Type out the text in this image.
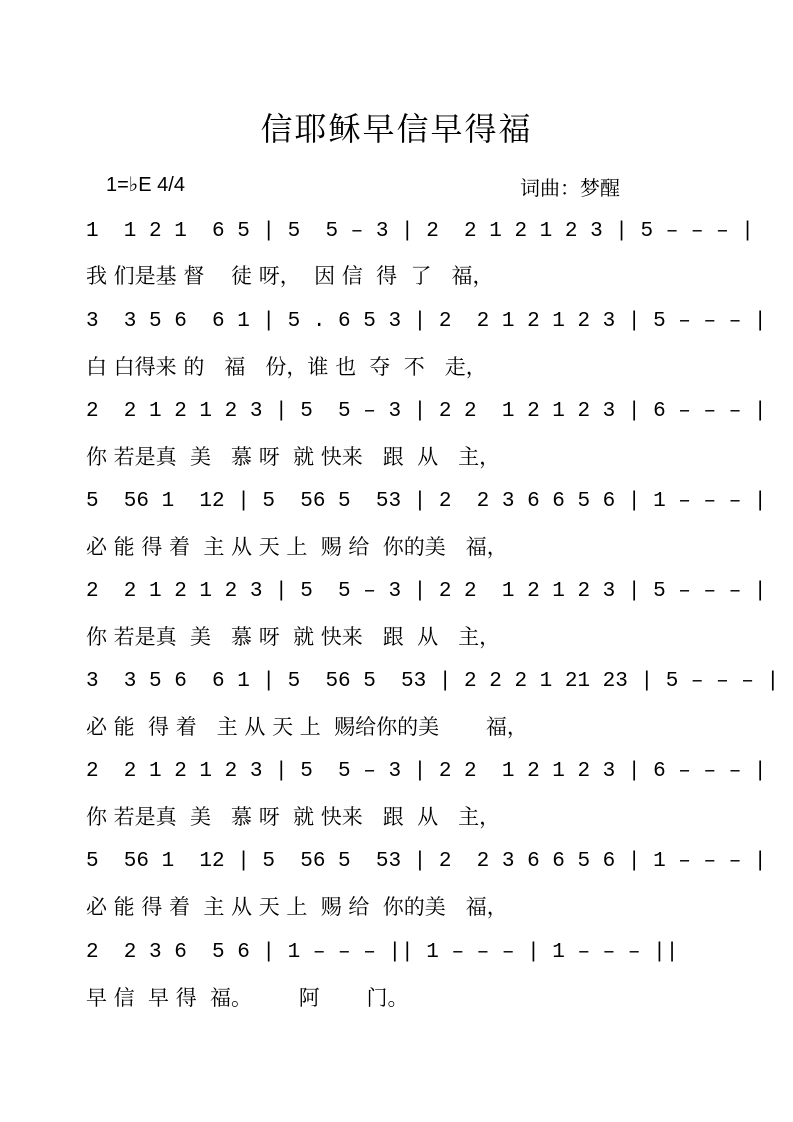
信耶稣早信早得福
1=♭E 4/4	词曲：梦醒
1  1 2 1  6 5 | 5  5 – 3 | 2  2 1 2 1 2 3 | 5 – – – |
我 们是基 督    徒 呀，  因 信  得  了   福，
3  3 5 6  6 1 | 5 . 6 5 3 | 2  2 1 2 1 2 3 | 5 – – – |
白 白得来 的   福   份，谁 也  夺  不   走，
2  2 1 2 1 2 3 | 5  5 – 3 | 2 2  1 2 1 2 3 | 6 – – – |
你 若是真  美   慕 呀  就 快来   跟  从   主，
5  56 1  12 | 5  56 5  53 | 2  2 3 6 6 5 6 | 1 – – – |
必 能 得 着  主 从 天 上  赐 给  你的美   福，
2  2 1 2 1 2 3 | 5  5 – 3 | 2 2  1 2 1 2 3 | 5 – – – |
你 若是真  美   慕 呀  就 快来   跟  从   主，
3  3 5 6  6 1 | 5  56 5  53 | 2 2 2 1 21 23 | 5 – – – |
必 能  得 着   主 从 天 上  赐给你的美       福，
2  2 1 2 1 2 3 | 5  5 – 3 | 2 2  1 2 1 2 3 | 6 – – – |
你 若是真  美   慕 呀  就 快来   跟  从   主，
5  56 1  12 | 5  56 5  53 | 2  2 3 6 6 5 6 | 1 – – – |
必 能 得 着  主 从 天 上  赐 给  你的美   福，
2  2 3 6  5 6 | 1 – – – || 1 – – – | 1 – – – ||
早 信  早 得  福。       阿       门。
